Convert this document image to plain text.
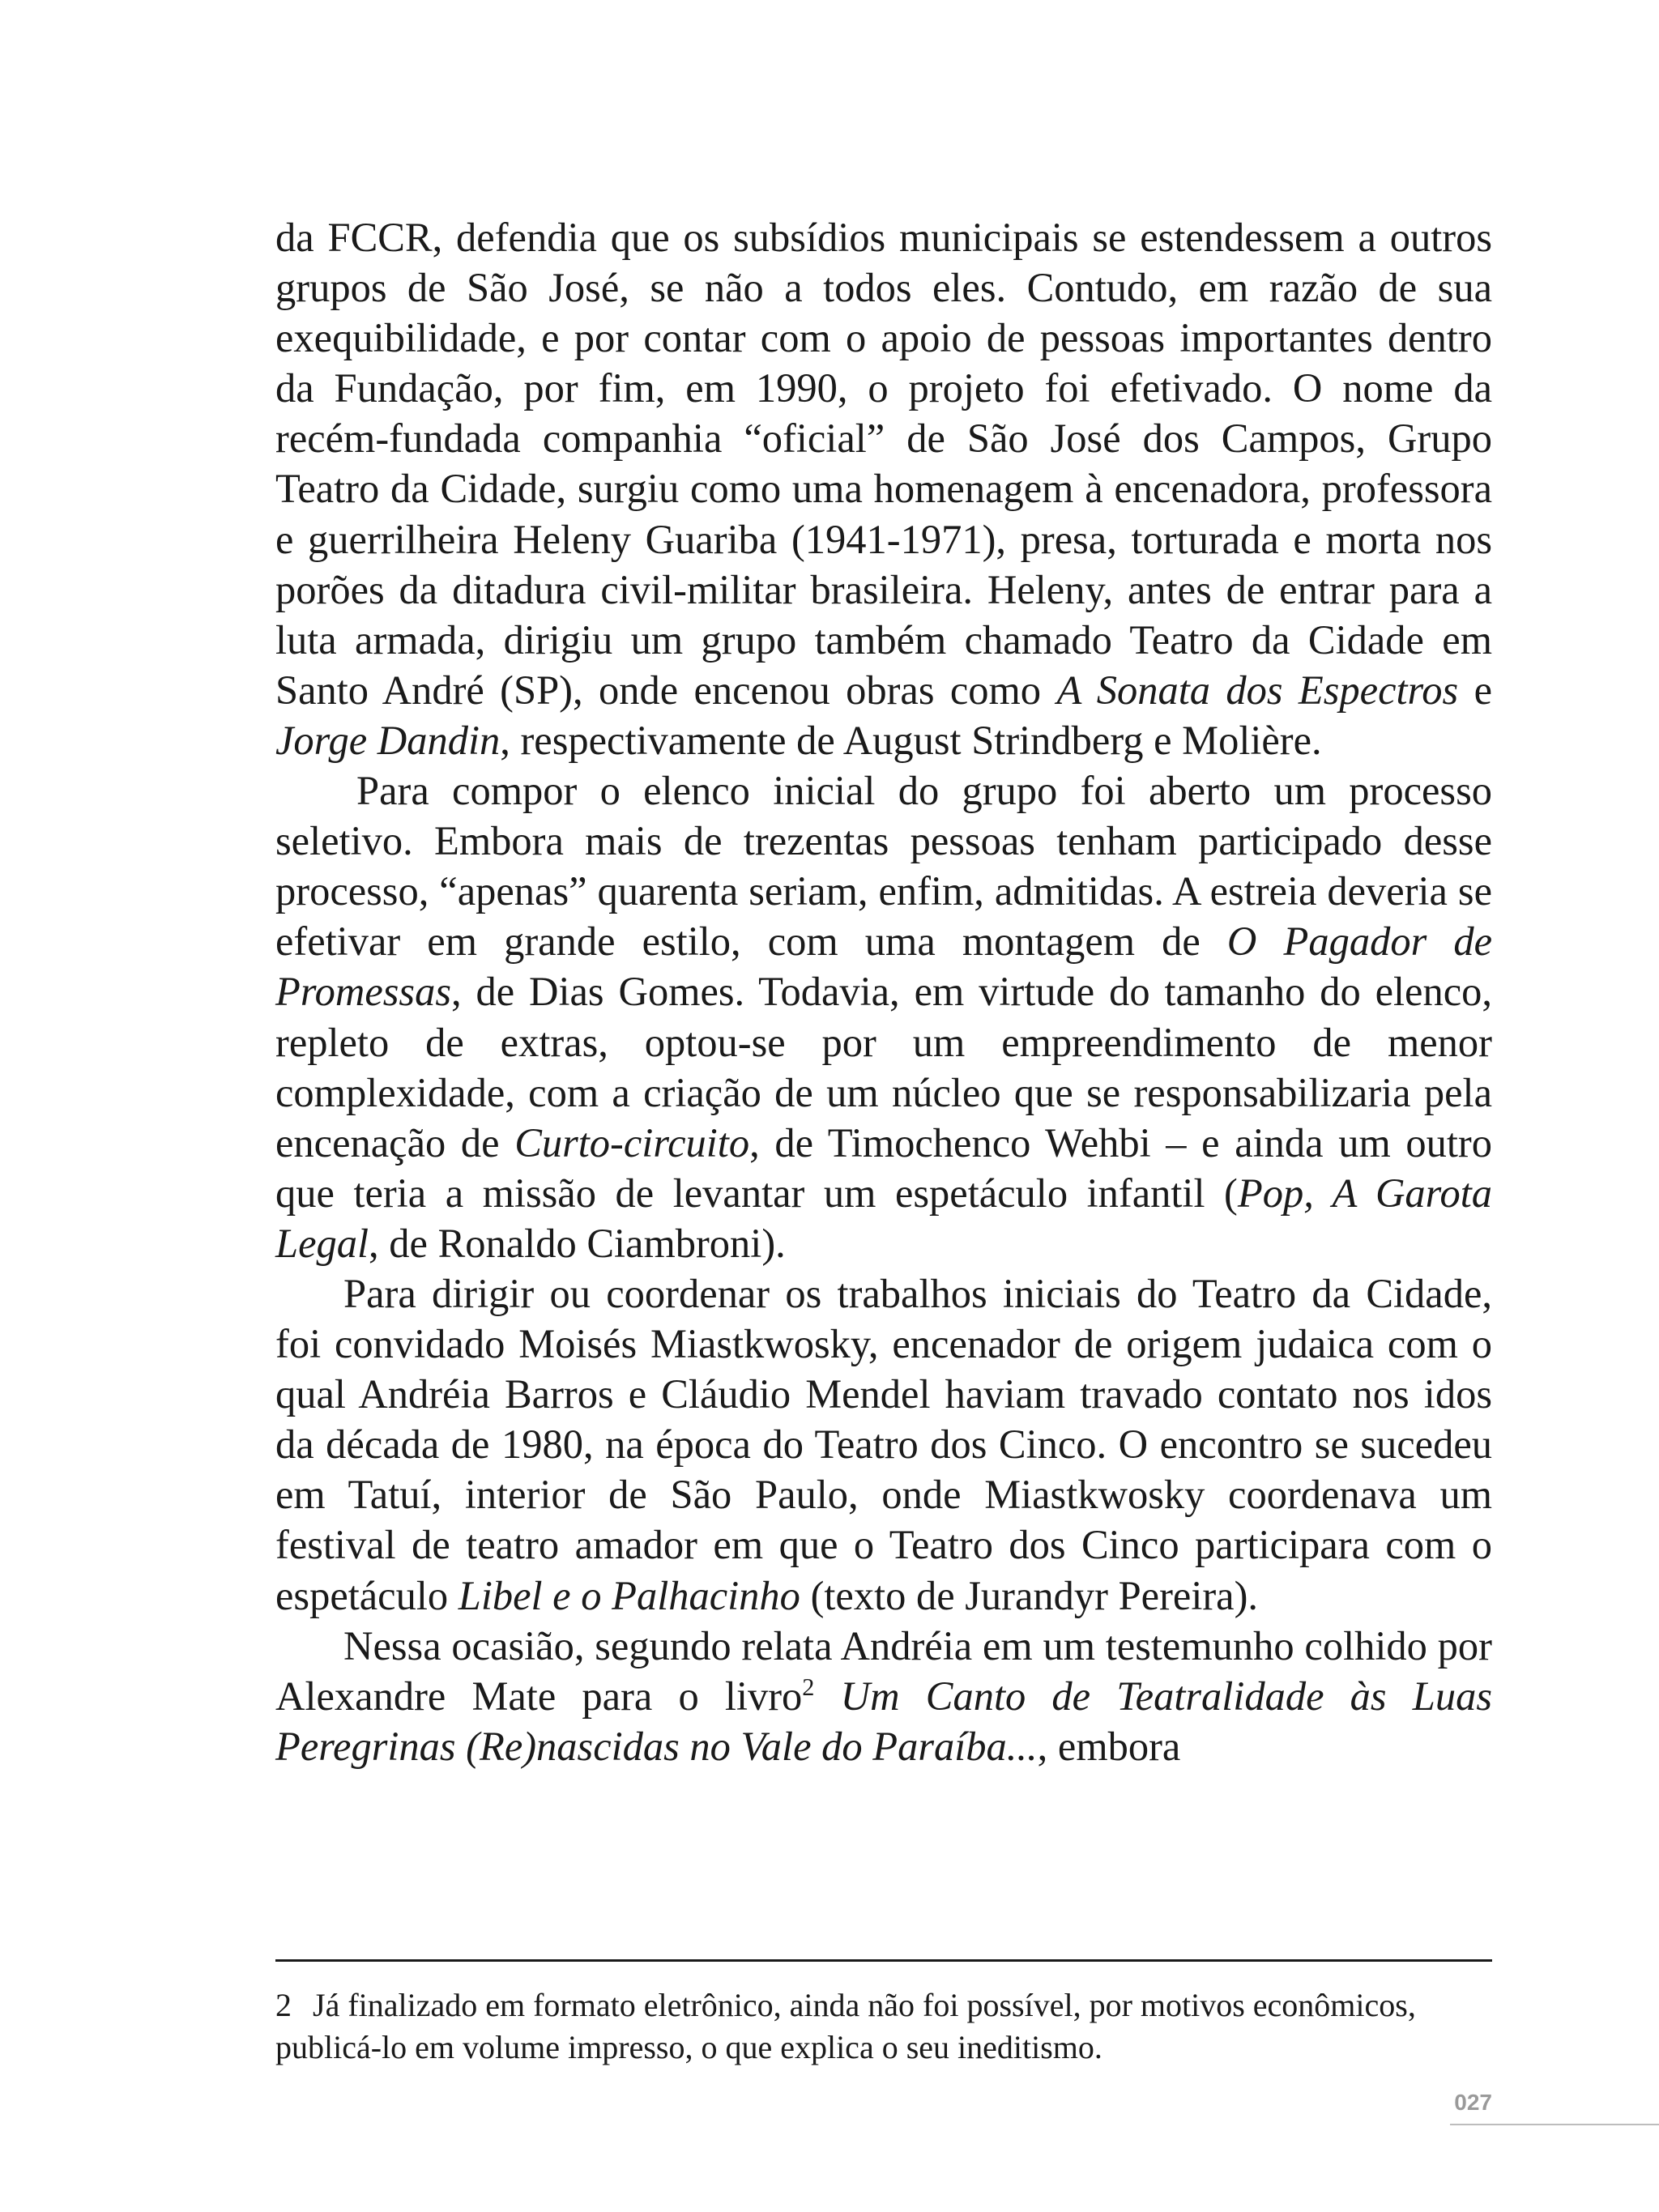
da FCCR, defendia que os subsídios municipais se estendessem a outros grupos de São José, se não a todos eles. Contudo, em razão de sua exequibilidade, e por contar com o apoio de pessoas importantes dentro da Fundação, por fim, em 1990, o projeto foi efetivado. O nome da recém-fundada companhia “oficial” de São José dos Campos, Grupo Teatro da Cidade, surgiu como uma homenagem à encenadora, professora e guerrilheira Heleny Guariba (1941-1971), presa, torturada e morta nos porões da ditadura civil-militar brasileira. Heleny, antes de entrar para a luta armada, dirigiu um grupo também chamado Teatro da Cidade em Santo André (SP), onde encenou obras como A Sonata dos Espectros e Jorge Dandin, respectivamente de August Strindberg e Molière.

Para compor o elenco inicial do grupo foi aberto um processo seletivo. Embora mais de trezentas pessoas tenham participado desse processo, “apenas” quarenta seriam, enfim, admitidas. A estreia deveria se efetivar em grande estilo, com uma montagem de O Pagador de Promessas, de Dias Gomes. Todavia, em virtude do tamanho do elenco, repleto de extras, optou-se por um empreendimento de menor complexidade, com a criação de um núcleo que se responsabilizaria pela encenação de Curto-circuito, de Timochenco Wehbi – e ainda um outro que teria a missão de levantar um espetáculo infantil (Pop, A Garota Legal, de Ronaldo Ciambroni).

Para dirigir ou coordenar os trabalhos iniciais do Teatro da Cidade, foi convidado Moisés Miastkwosky, encenador de origem judaica com o qual Andréia Barros e Cláudio Mendel haviam travado contato nos idos da década de 1980, na época do Teatro dos Cinco. O encontro se sucedeu em Tatuí, interior de São Paulo, onde Miastkwosky coordenava um festival de teatro amador em que o Teatro dos Cinco participara com o espetáculo Libel e o Palhacinho (texto de Jurandyr Pereira).

Nessa ocasião, segundo relata Andréia em um testemunho colhido por Alexandre Mate para o livro$^2$ Um Canto de Teatralidade às Luas Peregrinas (Re)nascidas no Vale do Paraíba..., embora

2 Já finalizado em formato eletrônico, ainda não foi possível, por motivos econômicos, publicá-lo em volume impresso, o que explica o seu ineditismo.

027
